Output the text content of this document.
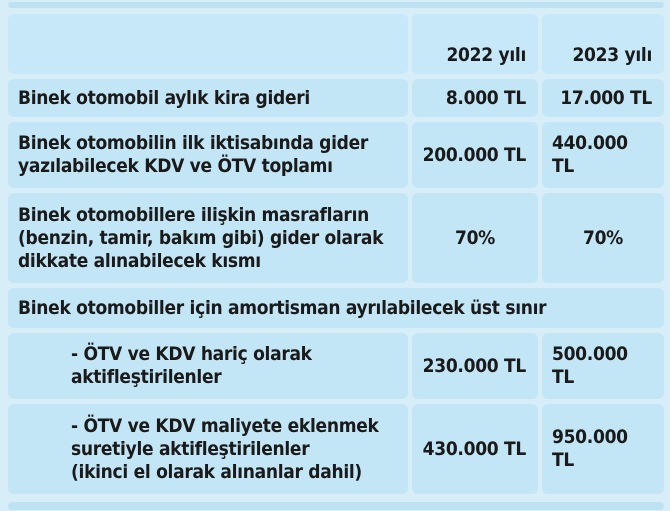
2022 yılı 2023 yılı
Binek otomobil aylık kira gideri	8.000 TL 17.000 TL
Binek otomobilin ilk iktisabında gider
yazılabilecek KDV ve ÖTV toplamı
200.000 TL
440.000 TL
Binek otomobillere ilişkin masrafların
(benzin, tamir, bakım gibi) gider olarak
dikkate alınabilecek kısmı
70%	70%
Binek otomobiller için amortisman ayrılabilecek üst sınır
- ÖTV ve KDV hariç olarak
aktifleştirilenler
230.000 TL
500.000 TL
- ÖTV ve KDV maliyete eklenmek
suretiyle aktifleştirilenler
(ikinci el olarak alınanlar dahil)
430.000 TL
950.000 TL
